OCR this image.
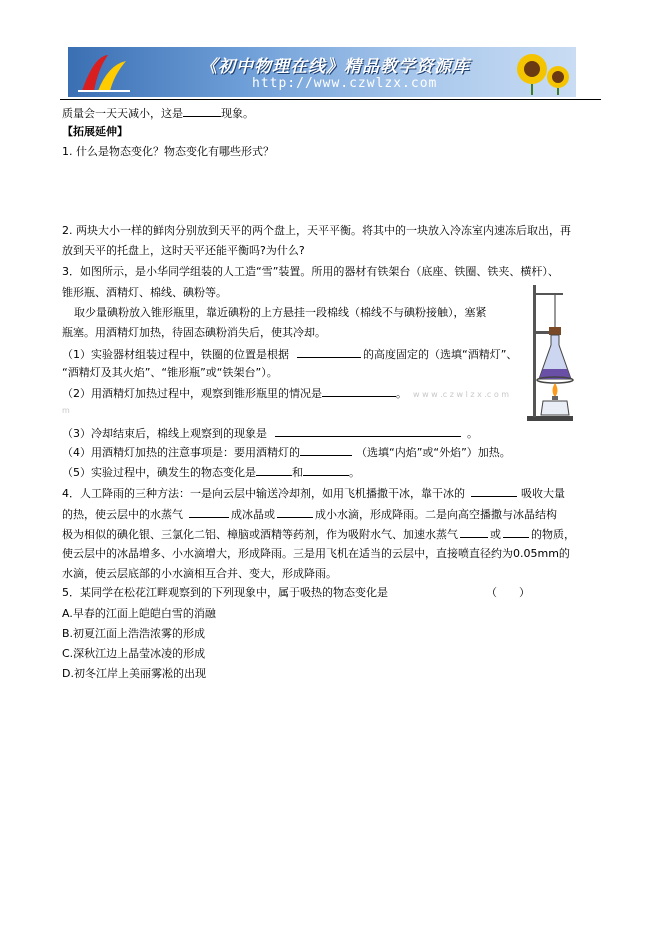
《初中物理在线》精品教学资源库
http://www.czwlzx.com
质量会一天天减小，这是	现象。
【拓展延伸】
1. 什么是物态变化？物态变化有哪些形式？
2. 两块大小一样的鲜肉分别放到天平的两个盘上，天平平衡。将其中的一块放入冷冻室内速冻后取出，再
放到天平的托盘上，这时天平还能平衡吗?为什么?
3．如图所示，是小华同学组装的人工造“雪”装置。所用的器材有铁架台（底座、铁圈、铁夹、横杆）、
锥形瓶、酒精灯、棉线、碘粉等。
取少量碘粉放入锥形瓶里，靠近碘粉的上方悬挂一段棉线（棉线不与碘粉接触），塞紧
瓶塞。用酒精灯加热，待固态碘粉消失后，使其冷却。
（1）实验器材组装过程中，铁圈的位置是根据	的高度固定的（选填“酒精灯”、
“酒精灯及其火焰”、“锥形瓶”或“铁架台”）。
（2）用酒精灯加热过程中，观察到锥形瓶里的情况是	。 w w w .c z w l z x .c o m
m
（3）冷却结束后，棉线上观察到的现象是	。
（4）用酒精灯加热的注意事项是：要用酒精灯的	（选填“内焰”或“外焰”）加热。
（5）实验过程中，碘发生的物态变化是	和	。
4．人工降雨的三种方法：一是向云层中输送冷却剂，如用飞机播撒干冰，靠干冰的	吸收大量
的热，使云层中的水蒸气	成冰晶或	成小水滴，形成降雨。二是向高空播撒与冰晶结构
极为相似的碘化银、三氯化二铝、樟脑或酒精等药剂，作为吸附水气、加速水蒸气	或	的物质，
使云层中的冰晶增多、小水滴增大，形成降雨。三是用飞机在适当的云层中，直接喷直径约为0.05mm的
水滴，使云层底部的小水滴相互合并、变大，形成降雨。
5．某同学在松花江畔观察到的下列现象中，属于吸热的物态变化是	（　　）
A.早春的江面上皑皑白雪的消融
B.初夏江面上浩浩浓雾的形成
C.深秋江边上晶莹冰凌的形成
D.初冬江岸上美丽雾凇的出现
